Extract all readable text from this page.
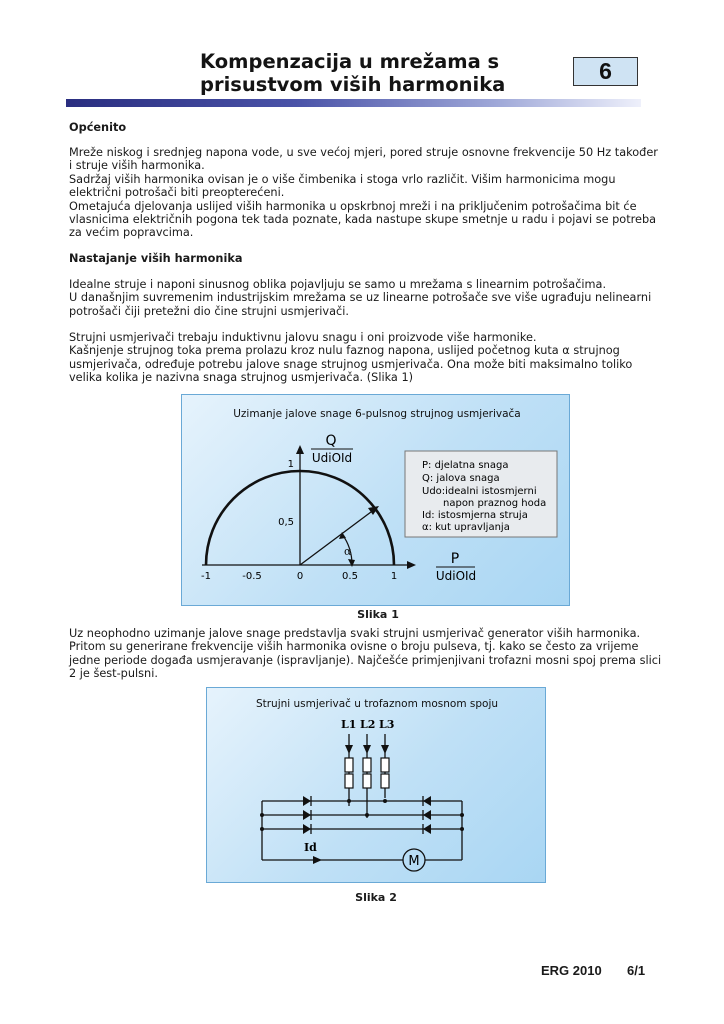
Kompenzacija u mrežama s
prisustvom viših harmonika
6

Općenito

Mreže niskog i srednjeg napona vode, u sve većoj mjeri, pored struje osnovne frekvencije 50 Hz također i struje viših harmonika.

Sadržaj viših harmonika ovisan je o više čimbenika i stoga vrlo različit. Višim harmonicima mogu električni potrošači biti preopterećeni.

Ometajuća djelovanja uslijed viših harmonika u opskrbnoj mreži i na priključenim potrošačima bit će vlasnicima električnih pogona tek tada poznate, kada nastupe skupe smetnje u radu i pojavi se potreba za većim popravcima.

Nastajanje viših harmonika

Idealne struje i naponi sinusnog oblika pojavljuju se samo u mrežama s linearnim potrošačima.

U današnjim suvremenim industrijskim mrežama se uz linearne potrošače sve više ugrađuju nelinearni potrošači čiji pretežni dio čine strujni usmjerivači.

Strujni usmjerivači trebaju induktivnu jalovu snagu i oni proizvode više harmonike.

Kašnjenje strujnog toka prema prolazu kroz nulu faznog napona, uslijed početnog kuta α strujnog usmjerivača, određuje potrebu jalove snage strujnog usmjerivača. Ona može biti maksimalno toliko velika kolika je nazivna snaga strujnog usmjerivača. (Slika 1)

Uzimanje jalove snage 6-pulsnog strujnog usmjerivača
α
1
0,5
-1	-0.5	0	0.5	1
Q
UdiOId
P
UdiOId
P: djelatna snaga
Q: jalova snaga
Udo:idealni istosmjerni
napon praznog hoda
Id: istosmjerna struja
α: kut upravljanja
Slika 1

Uz neophodno uzimanje jalove snage predstavlja svaki strujni usmjerivač generator viših harmonika. Pritom su generirane frekvencije viših harmonika ovisne o broju pulseva, tj. kako se često za vrijeme jedne periode događa usmjeravanje (ispravljanje). Najčešće primjenjivani trofazni mosni spoj prema slici 2 je šest-pulsni.

Strujni usmjerivač u trofaznom mosnom spoju
L1 L2 L3
Id
M
Slika 2
ERG 2010 6/1
